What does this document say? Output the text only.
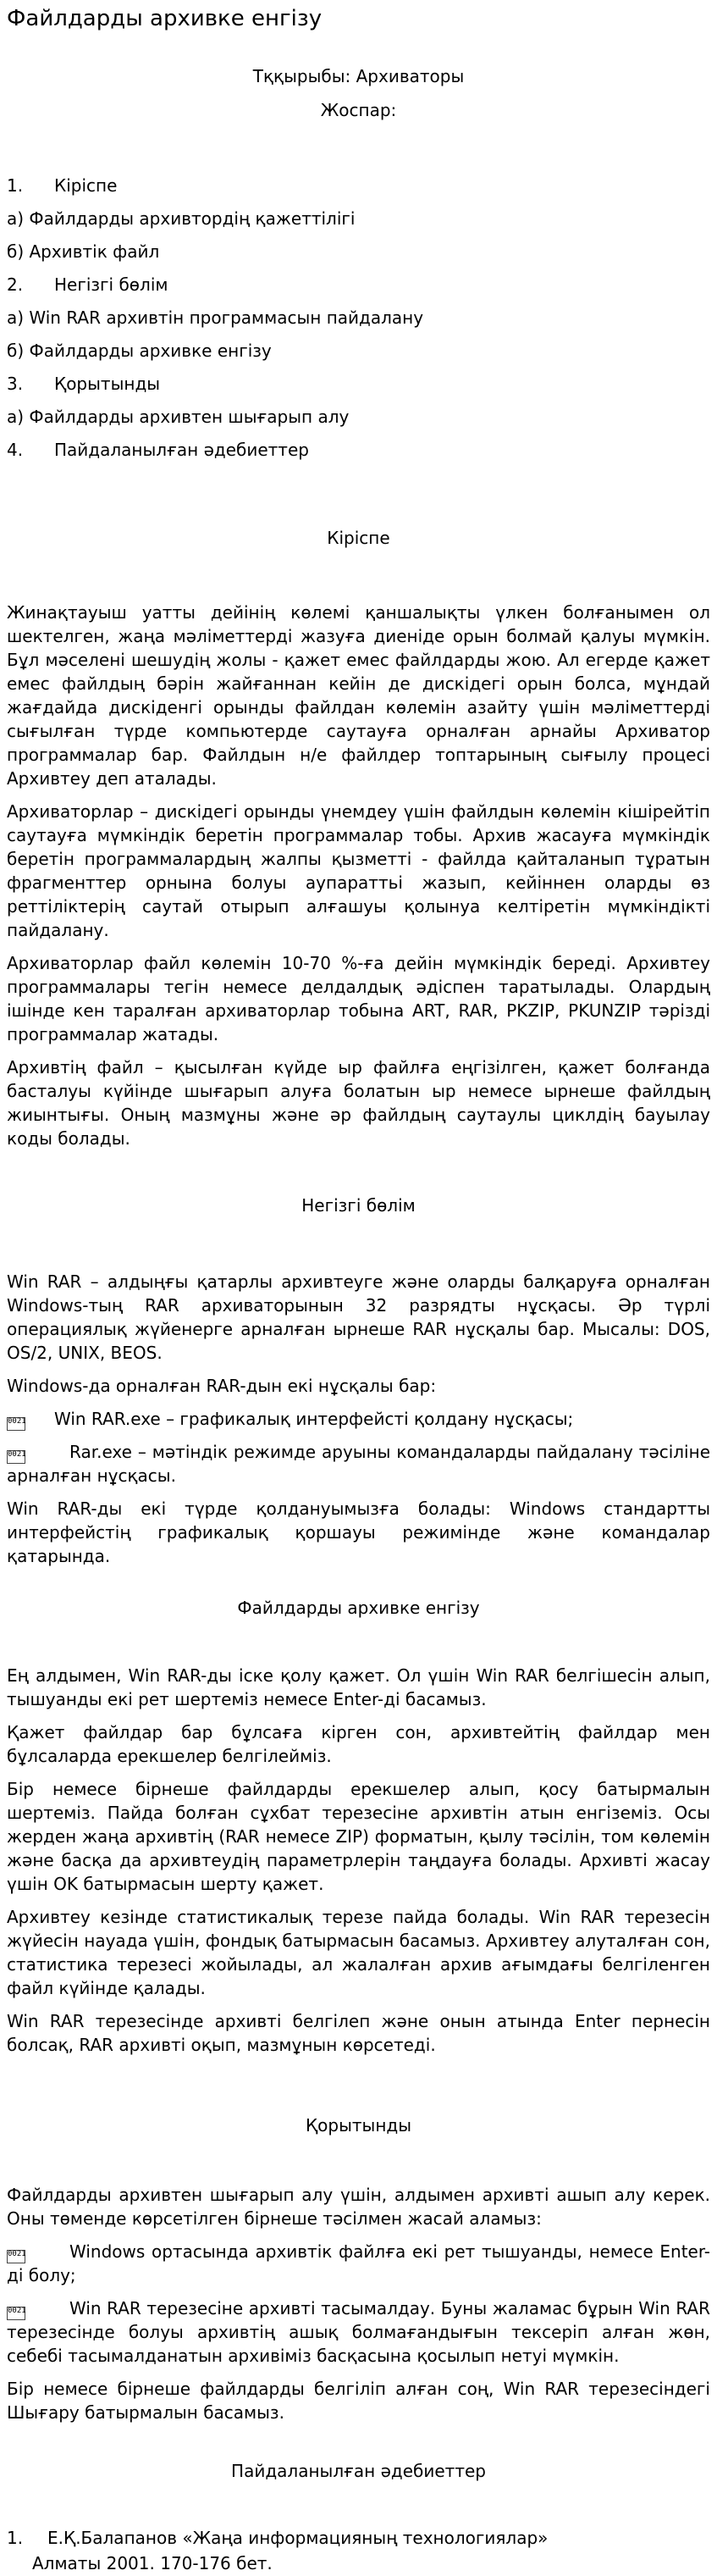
Файлдарды архивке енгізу

Тққырыбы: Архиваторы

Жоспар:

1. Кіріспе

а) Файлдарды архивтордің қажеттілігі

б) Архивтік файл

2. Негізгі бөлім

а) Win RAR архивтін программасын пайдалану

б) Файлдарды архивке енгізу

3. Қорытынды

а) Файлдарды архивтен шығарып алу

4. Пайдаланылған әдебиеттер

Кіріспе

Жинақтауыш уатты дейінің көлемі қаншалықты үлкен болғанымен ол шектелген, жаңа мәліметтерді жазуға диеніде орын болмай қалуы мүмкін. Бұл мәселені шешудің жолы - қажет емес файлдарды жою. Ал егерде қажет емес файлдың бәрін жайғаннан кейін де дискідегі орын болса, мұндай жағдайда дискіденгі орынды файлдан көлемін азайту үшін мәліметтерді сығылған түрде компьютерде саутауға орналған арнайы Архиватор программалар бар. Файлдын н/е файлдер топтарының сығылу процесі Архивтеу деп аталады.

Архиваторлар – дискідегі орынды үнемдеу үшін файлдын көлемін кішірейтіп саутауға мүмкіндік беретін программалар тобы. Архив жасауға мүмкіндік беретін программалардың жалпы қызметті - файлда қайталанып тұратын фрагменттер орнына болуы аупараттьі жазып, кейіннен оларды өз реттіліктерің саутай отырып алғашуы қолынуа келтіретін мүмкіндікті пайдалану.

Архиваторлар файл көлемін 10-70 %-ға дейін мүмкіндік береді. Архивтеу программалары тегін немесе делдалдық әдіспен таратылады. Олардың ішінде кен таралған архиваторлар тобына ART, RAR, PKZIP, PKUNZIP тәрізді программалар жатады.

Архивтің файл – қысылған күйде ыр файлға еңгізілген, қажет болғанда басталуы күйінде шығарып алуға болатын ыр немесе ырнеше файлдың жиынтығы. Оның мазмұны және әр файлдың саутаулы циклдің бауылау коды болады.

Негізгі бөлім

Win RAR – алдыңғы қатарлы архивтеуге және оларды балқаруға орналған Windows-тың RAR архиваторынын 32 разрядты нұсқасы. Әр түрлі операциялық жүйенерге арналған ырнеше RAR нұсқалы бар. Мысалы: DOS, OS/2, UNIX, BEOS.

Windows-да орналған RAR-дын екі нұсқалы бар:

0021 Win RAR.exe – графикалық интерфейсті қолдану нұсқасы;

0021	Rar.exe – мәтіндік режимде аруыны командаларды пайдалану тәсіліне арналған нұсқасы.

Win RAR-ды екі түрде қолдануымызға болады: Windows стандартты интерфейстің графикалық қоршауы режимінде және командалар қатарында.

Файлдарды архивке енгізу

Ең алдымен, Win RAR-ды іске қолу қажет. Ол үшін Win RAR белгішесін алып, тышуанды екі рет шертеміз немесе Enter-ді басамыз.

Қажет файлдар бар бұлсаға кірген сон, архивтейтің файлдар мен бұлсаларда ерекшелер белгілейміз.

Бір немесе бірнеше файлдарды ерекшелер алып, қосу батырмалын шертеміз. Пайда болған сұхбат терезесіне архивтін атын енгіземіз. Осы жерден жаңа архивтің (RAR немесе ZIP) форматын, қылу тәсілін, том көлемін және басқа да архивтеудің параметрлерін таңдауға болады. Архивті жасау үшін OK батырмасын шерту қажет.

Архивтеу кезінде статистикалық терезе пайда болады. Win RAR терезесін жүйесін науада үшін, фондық батырмасын басамыз. Архивтеу алуталған сон, статистика терезесі жойылады, ал жалалған архив ағымдағы белгіленген файл күйінде қалады.

Win RAR терезесінде архивті белгілеп және онын атында Enter пернесін болсақ, RAR архивті оқып, мазмұнын көрсетеді.

Қорытынды

Файлдарды архивтен шығарып алу үшін, алдымен архивті ашып алу керек. Оны төменде көрсетілген бірнеше тәсілмен жасай аламыз:

0021	Windows ортасында архивтік файлға екі рет тышуанды, немесе Enter-ді болу;

0021	Win RAR терезесіне архивті тасымалдау. Буны жаламас бұрын Win RAR терезесінде болуы архивтің ашық болмағандығын тексеріп алған жөн, себебі тасымалданатын архивіміз басқасына қосылып нетуі мүмкін.

Бір немесе бірнеше файлдарды белгіліп алған соң, Win RAR терезесіндегі Шығару батырмалын басамыз.

Пайдаланылған әдебиеттер

1. Е.Қ.Балапанов «Жаңа информацияның технологиялар»

Алматы 2001. 170-176 бет.
